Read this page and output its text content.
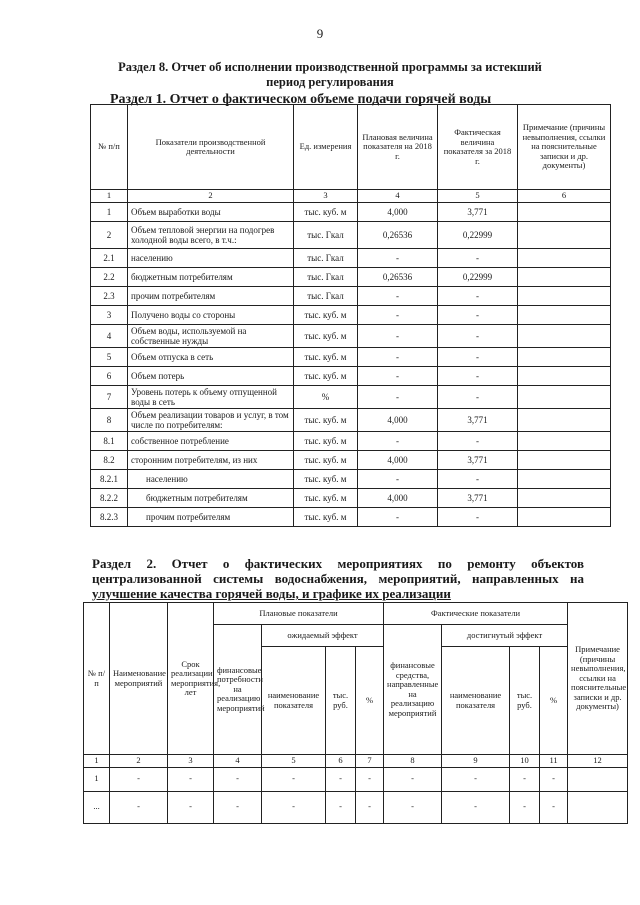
9
Раздел 8. Отчет об исполнении производственной программы за истекший
период регулирования
Раздел 1. Отчет о фактическом объеме подачи горячей воды
№ п/п	Показатели производственной деятельности	Ед. измерения	Плановая величина показателя на 2018 г.	Фактическая величина показателя за 2018 г.	Примечание (причины невыполнения, ссылки на пояснительные записки и др. документы)
1	2	3	4	5	6
1	Объем выработки воды	тыс. куб. м	4,000	3,771	
2	Объем тепловой энергии на подогрев холодной воды всего, в т.ч.:	тыс. Гкал	0,26536	0,22999	
2.1	населению	тыс. Гкал	-	-	
2.2	бюджетным потребителям	тыс. Гкал	0,26536	0,22999	
2.3	прочим потребителям	тыс. Гкал	-	-	
3	Получено воды со стороны	тыс. куб. м	-	-	
4	Объем воды, используемой на собственные нужды	тыс. куб. м	-	-	
5	Объем отпуска в сеть	тыс. куб. м	-	-	
6	Объем потерь	тыс. куб. м	-	-	
7	Уровень потерь к объему отпущенной воды в сеть	%	-	-	
8	Объем реализации товаров и услуг, в том числе по потребителям:	тыс. куб. м	4,000	3,771	
8.1	собственное потребление	тыс. куб. м	-	-	
8.2	сторонним потребителям, из них	тыс. куб. м	4,000	3,771	
8.2.1	населению	тыс. куб. м	-	-	
8.2.2	бюджетным потребителям	тыс. куб. м	4,000	3,771	
8.2.3	прочим потребителям	тыс. куб. м	-	-	
Раздел 2. Отчет о фактических мероприятиях по ремонту объектов
централизованной системы водоснабжения, мероприятий, направленных на
улучшение качества горячей воды, и графике их реализации
№ п/п	Наименование мероприятий	Срок реализации мероприятия, лет	Плановые показатели				Фактические показатели				Примечание (причины невыполнения, ссылки на пояснительные записки и др. документы)
			финансовые потребности на реализацию мероприятий	ожидаемый эффект			финансовые средства, направленные на реализацию мероприятий	достигнутый эффект			
				наименование показателя	тыс. руб.	%		наименование показателя	тыс. руб.	%	
1	2	3	4	5	6	7	8	9	10	11	12
1	-	-	-	-	-	-	-	-	-	-	
...	-	-	-	-	-	-	-	-	-	-	
